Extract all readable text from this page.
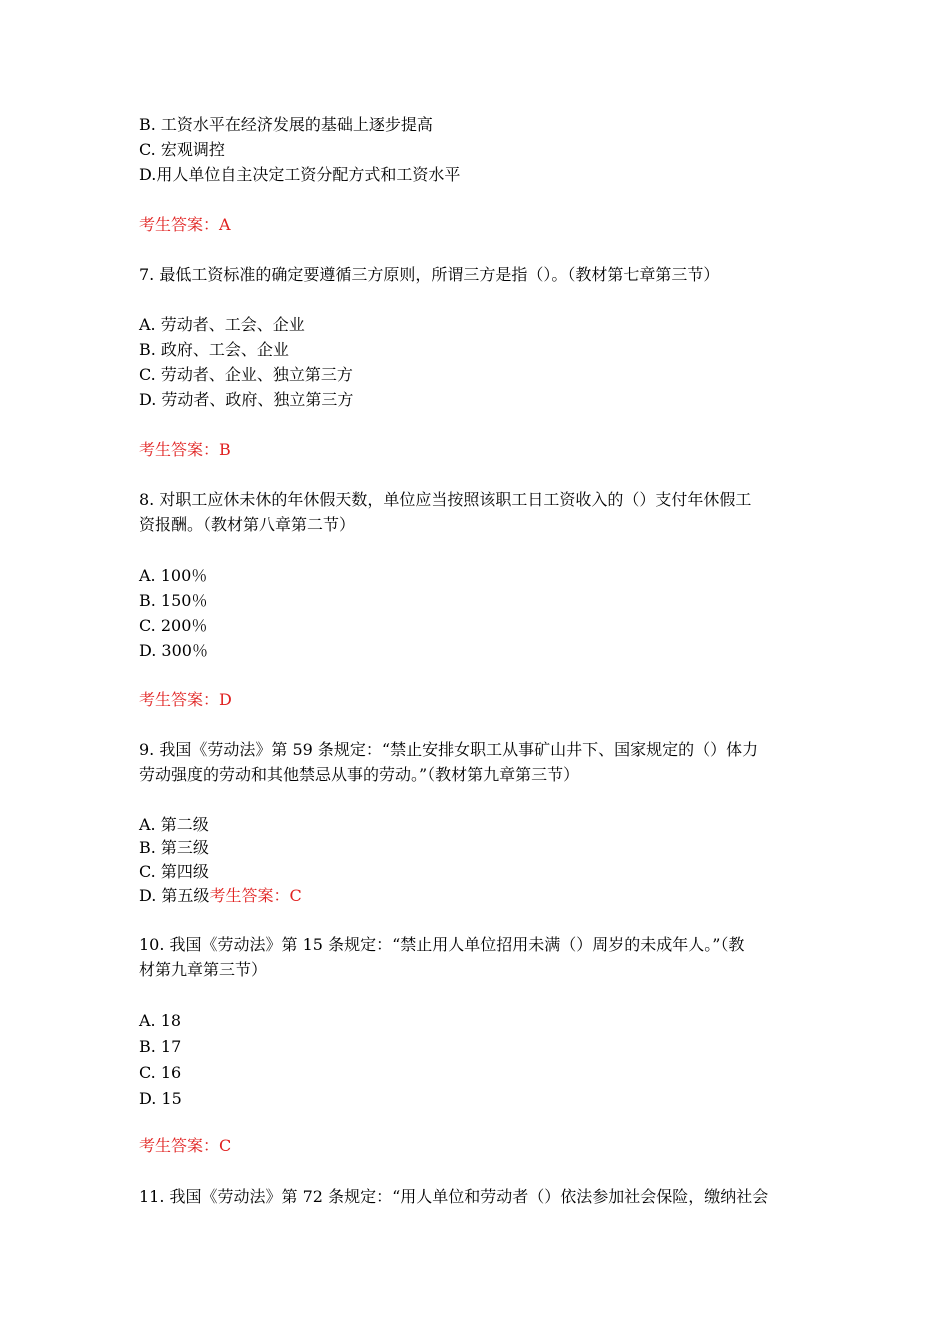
B. 工资水平在经济发展的基础上逐步提高
C. 宏观调控
D.用人单位自主决定工资分配方式和工资水平
考生答案：A
7. 最低工资标准的确定要遵循三方原则，所谓三方是指（）。（教材第七章第三节）
A. 劳动者、工会、企业
B. 政府、工会、企业
C. 劳动者、企业、独立第三方
D. 劳动者、政府、独立第三方
考生答案：B
8. 对职工应休未休的年休假天数，单位应当按照该职工日工资收入的（）支付年休假工
资报酬。（教材第八章第二节）
A. 100％
B. 150％
C. 200％
D. 300％
考生答案：D
9. 我国《劳动法》第 59 条规定：“禁止安排女职工从事矿山井下、国家规定的（）体力
劳动强度的劳动和其他禁忌从事的劳动。”（教材第九章第三节）
A. 第二级
B. 第三级
C. 第四级
D. 第五级考生答案：C
10. 我国《劳动法》第 15 条规定：“禁止用人单位招用未满（）周岁的未成年人。”（教
材第九章第三节）
A. 18
B. 17
C. 16
D. 15
考生答案：C
11. 我国《劳动法》第 72 条规定：“用人单位和劳动者（）依法参加社会保险，缴纳社会
